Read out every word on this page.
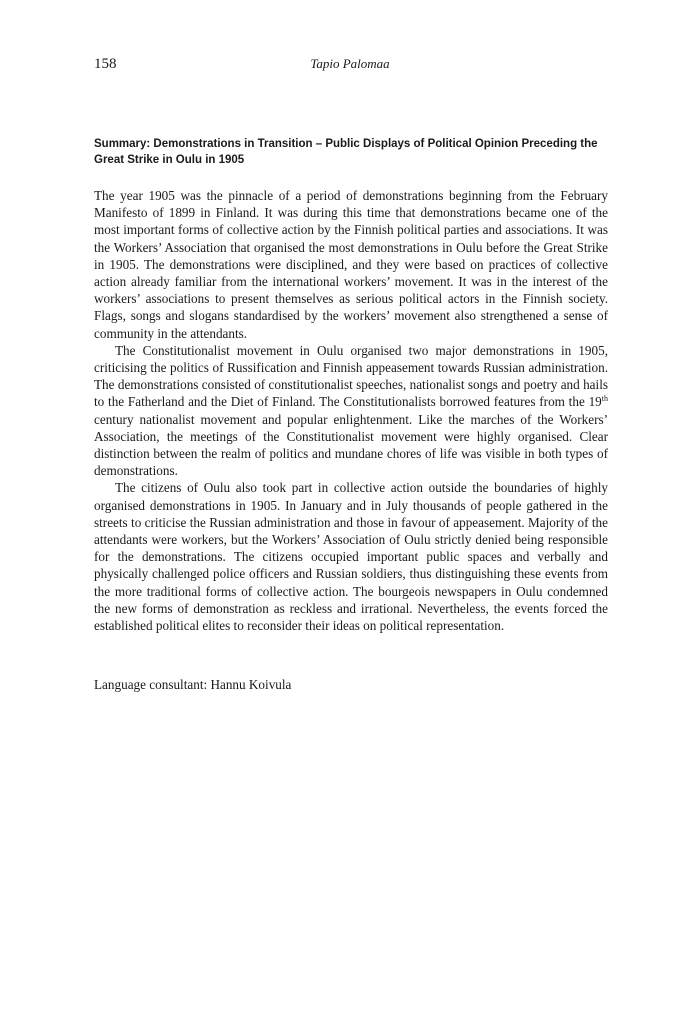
158	Tapio Palomaa
Summary: Demonstrations in Transition – Public Displays of Political Opinion Preceding the Great Strike in Oulu in 1905

The year 1905 was the pinnacle of a period of demonstrations beginning from the February Manifesto of 1899 in Finland. It was during this time that demonstrations became one of the most important forms of collective action by the Finnish political parties and associations. It was the Workers’ Association that organised the most demonstrations in Oulu before the Great Strike in 1905. The demonstrations were disciplined, and they were based on practices of collective action already familiar from the international workers’ movement. It was in the interest of the workers’ associations to present themselves as serious political actors in the Finnish society. Flags, songs and slogans standardised by the workers’ movement also strengthened a sense of community in the attendants.

The Constitutionalist movement in Oulu organised two major demonstrations in 1905, criticising the politics of Russification and Finnish appeasement towards Russian administration. The demonstrations consisted of constitutionalist speeches, nationalist songs and poetry and hails to the Fatherland and the Diet of Finland. The Constitutionalists borrowed features from the 19th century nationalist movement and popular enlightenment. Like the marches of the Workers’ Association, the meetings of the Constitutionalist movement were highly organised. Clear distinction between the realm of politics and mundane chores of life was visible in both types of demonstrations.

The citizens of Oulu also took part in collective action outside the boundaries of highly organised demonstrations in 1905. In January and in July thousands of people gathered in the streets to criticise the Russian administration and those in favour of appeasement. Majority of the attendants were workers, but the Workers’ Association of Oulu strictly denied being responsible for the demonstrations. The citizens occupied important public spaces and verbally and physically challenged police officers and Russian soldiers, thus distinguishing these events from the more traditional forms of collective action. The bourgeois newspapers in Oulu condemned the new forms of demonstration as reckless and irrational. Nevertheless, the events forced the established political elites to reconsider their ideas on political representation.

Language consultant: Hannu Koivula
